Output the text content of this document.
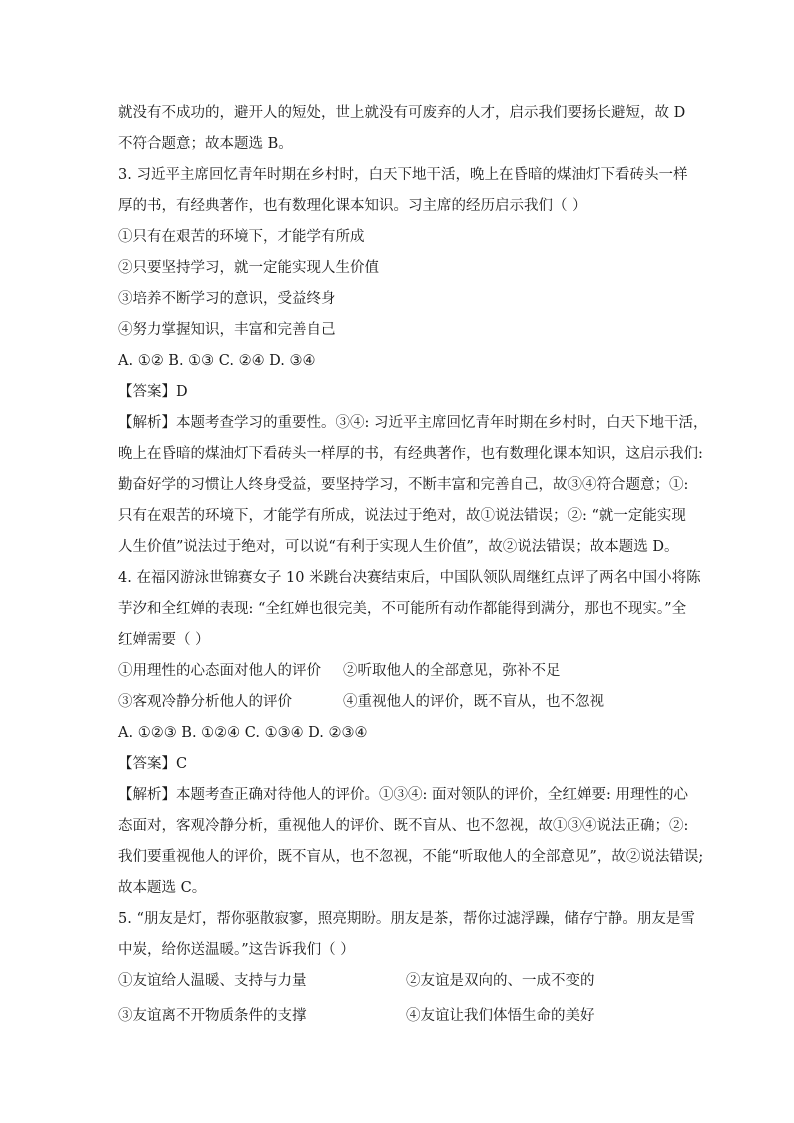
就没有不成功的，避开人的短处，世上就没有可废弃的人才，启示我们要扬长避短，故 D
不符合题意；故本题选 B。
3. 习近平主席回忆青年时期在乡村时，白天下地干活，晚上在昏暗的煤油灯下看砖头一样
厚的书，有经典著作，也有数理化课本知识。习主席的经历启示我们（ ）
①只有在艰苦的环境下，才能学有所成
②只要坚持学习，就一定能实现人生价值
③培养不断学习的意识，受益终身
④努力掌握知识，丰富和完善自己
A. ①② B. ①③ C. ②④ D. ③④
【答案】D
【解析】本题考查学习的重要性。③④: 习近平主席回忆青年时期在乡村时，白天下地干活，
晚上在昏暗的煤油灯下看砖头一样厚的书，有经典著作，也有数理化课本知识，这启示我们:
勤奋好学的习惯让人终身受益，要坚持学习，不断丰富和完善自己，故③④符合题意；①:
只有在艰苦的环境下，才能学有所成，说法过于绝对，故①说法错误；②: “就一定能实现
人生价值”说法过于绝对，可以说“有利于实现人生价值”，故②说法错误；故本题选 D。
4. 在福冈游泳世锦赛女子 10 米跳台决赛结束后，中国队领队周继红点评了两名中国小将陈
芋汐和全红婵的表现: “全红婵也很完美，不可能所有动作都能得到满分，那也不现实。”全
红婵需要（ ）
①用理性的心态面对他人的评价 ②听取他人的全部意见，弥补不足
③客观冷静分析他人的评价	④重视他人的评价，既不盲从，也不忽视
A. ①②③ B. ①②④ C. ①③④ D. ②③④
【答案】C
【解析】本题考查正确对待他人的评价。①③④: 面对领队的评价，全红婵要: 用理性的心
态面对，客观冷静分析，重视他人的评价、既不盲从、也不忽视，故①③④说法正确；②:
我们要重视他人的评价，既不盲从，也不忽视，不能“听取他人的全部意见”，故②说法错误;
故本题选 C。
5. “朋友是灯，帮你驱散寂寥，照亮期盼。朋友是茶，帮你过滤浮躁，储存宁静。朋友是雪
中炭，给你送温暖。”这告诉我们（ ）
①友谊给人温暖、支持与力量	②友谊是双向的、一成不变的
③友谊离不开物质条件的支撑	④友谊让我们体悟生命的美好
